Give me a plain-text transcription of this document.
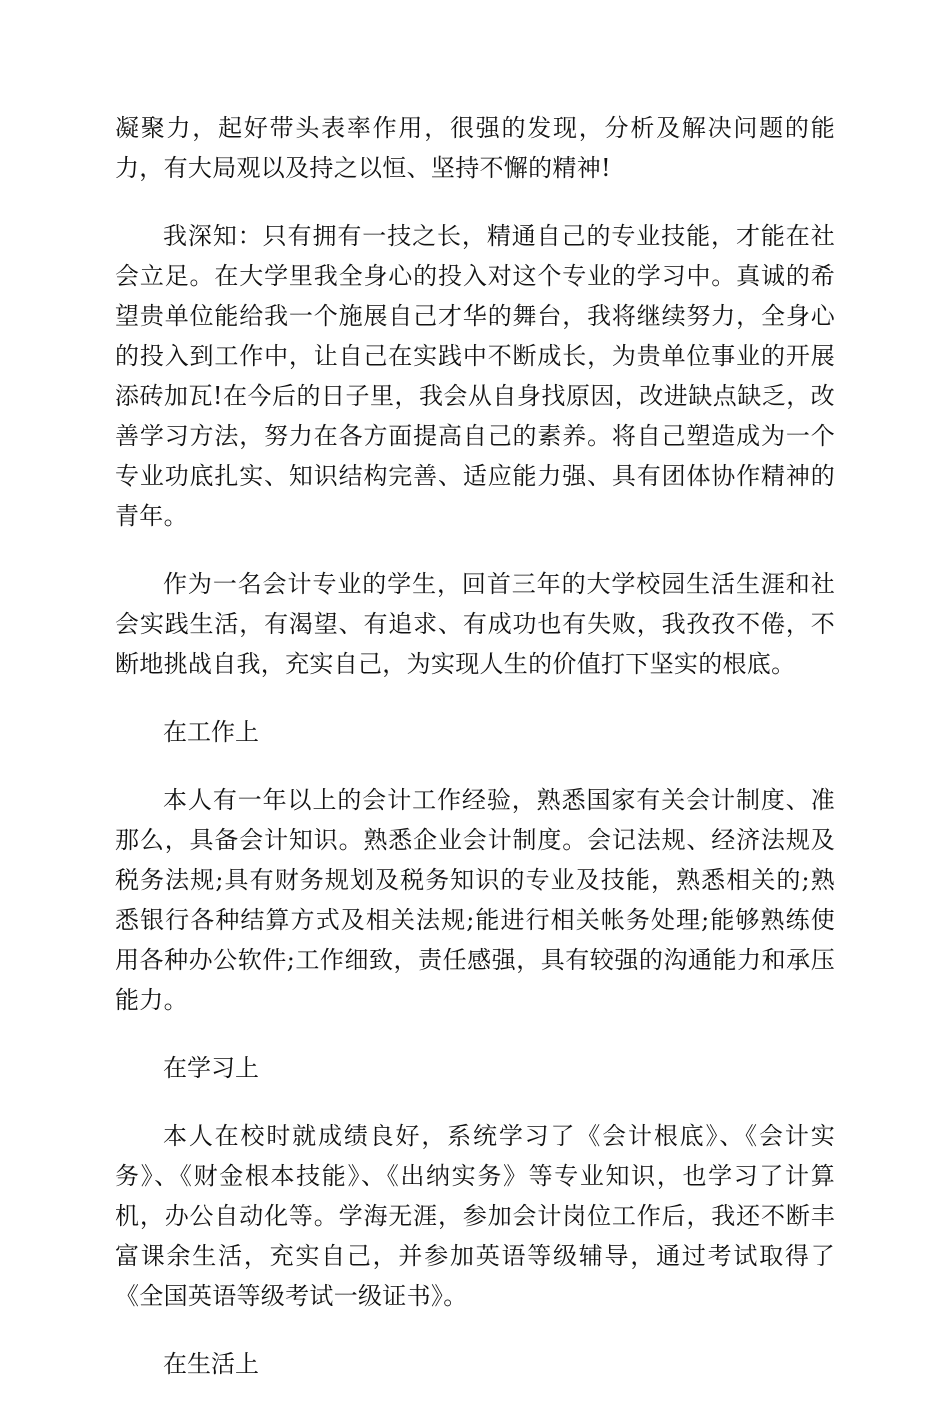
凝聚力，起好带头表率作用，很强的发现，分析及解决问题的能力，有大局观以及持之以恒、坚持不懈的精神!

我深知：只有拥有一技之长，精通自己的专业技能，才能在社会立足。在大学里我全身心的投入对这个专业的学习中。真诚的希望贵单位能给我一个施展自己才华的舞台，我将继续努力，全身心的投入到工作中，让自己在实践中不断成长，为贵单位事业的开展添砖加瓦!在今后的日子里，我会从自身找原因，改进缺点缺乏，改善学习方法，努力在各方面提高自己的素养。将自己塑造成为一个专业功底扎实、知识结构完善、适应能力强、具有团体协作精神的青年。

作为一名会计专业的学生，回首三年的大学校园生活生涯和社会实践生活，有渴望、有追求、有成功也有失败，我孜孜不倦，不断地挑战自我，充实自己，为实现人生的价值打下坚实的根底。

在工作上

本人有一年以上的会计工作经验，熟悉国家有关会计制度、准那么，具备会计知识。熟悉企业会计制度。会记法规、经济法规及税务法规;具有财务规划及税务知识的专业及技能，熟悉相关的;熟悉银行各种结算方式及相关法规;能进行相关帐务处理;能够熟练使用各种办公软件;工作细致，责任感强，具有较强的沟通能力和承压能力。

在学习上

本人在校时就成绩良好，系统学习了《会计根底》、《会计实务》、《财金根本技能》、《出纳实务》等专业知识，也学习了计算机，办公自动化等。学海无涯，参加会计岗位工作后，我还不断丰富课余生活，充实自己，并参加英语等级辅导，通过考试取得了《全国英语等级考试一级证书》。

在生活上
